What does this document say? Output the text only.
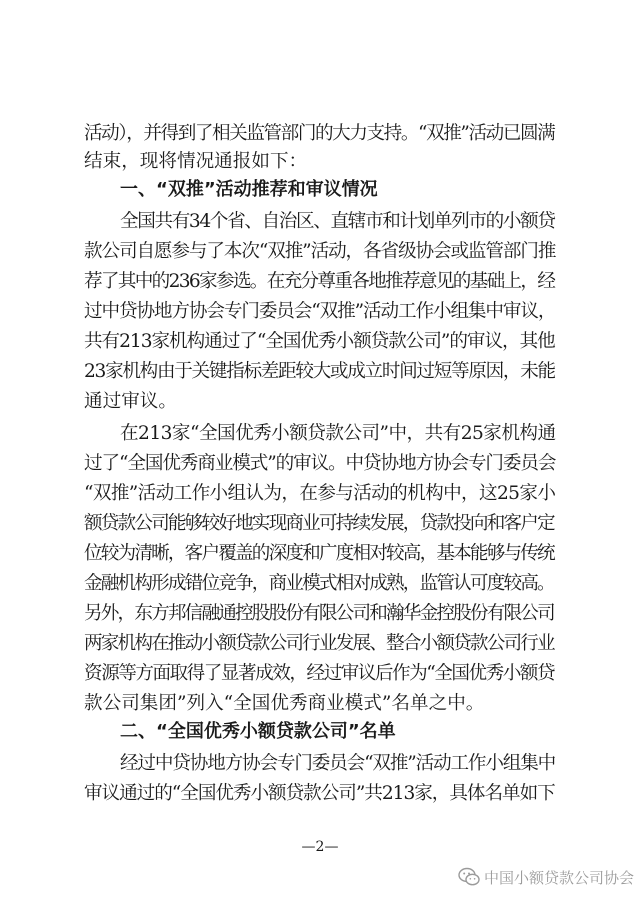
活动），并得到了相关监管部门的大力支持。“双推”活动已圆满
结束，现将情况通报如下：
一、“双推”活动推荐和审议情况
全国共有34个省、自治区、直辖市和计划单列市的小额贷
款公司自愿参与了本次“双推”活动，各省级协会或监管部门推
荐了其中的236家参选。在充分尊重各地推荐意见的基础上，经
过中贷协地方协会专门委员会“双推”活动工作小组集中审议，
共有213家机构通过了“全国优秀小额贷款公司”的审议，其他
23家机构由于关键指标差距较大或成立时间过短等原因，未能
通过审议。
在213家“全国优秀小额贷款公司”中，共有25家机构通
过了“全国优秀商业模式”的审议。中贷协地方协会专门委员会
“双推”活动工作小组认为，在参与活动的机构中，这25家小
额贷款公司能够较好地实现商业可持续发展，贷款投向和客户定
位较为清晰，客户覆盖的深度和广度相对较高，基本能够与传统
金融机构形成错位竞争，商业模式相对成熟，监管认可度较高。
另外，东方邦信融通控股股份有限公司和瀚华金控股份有限公司
两家机构在推动小额贷款公司行业发展、整合小额贷款公司行业
资源等方面取得了显著成效，经过审议后作为“全国优秀小额贷
款公司集团”列入“全国优秀商业模式”名单之中。
二、“全国优秀小额贷款公司”名单
经过中贷协地方协会专门委员会“双推”活动工作小组集中
审议通过的“全国优秀小额贷款公司”共213家，具体名单如下
—2—
中国小额贷款公司协会
